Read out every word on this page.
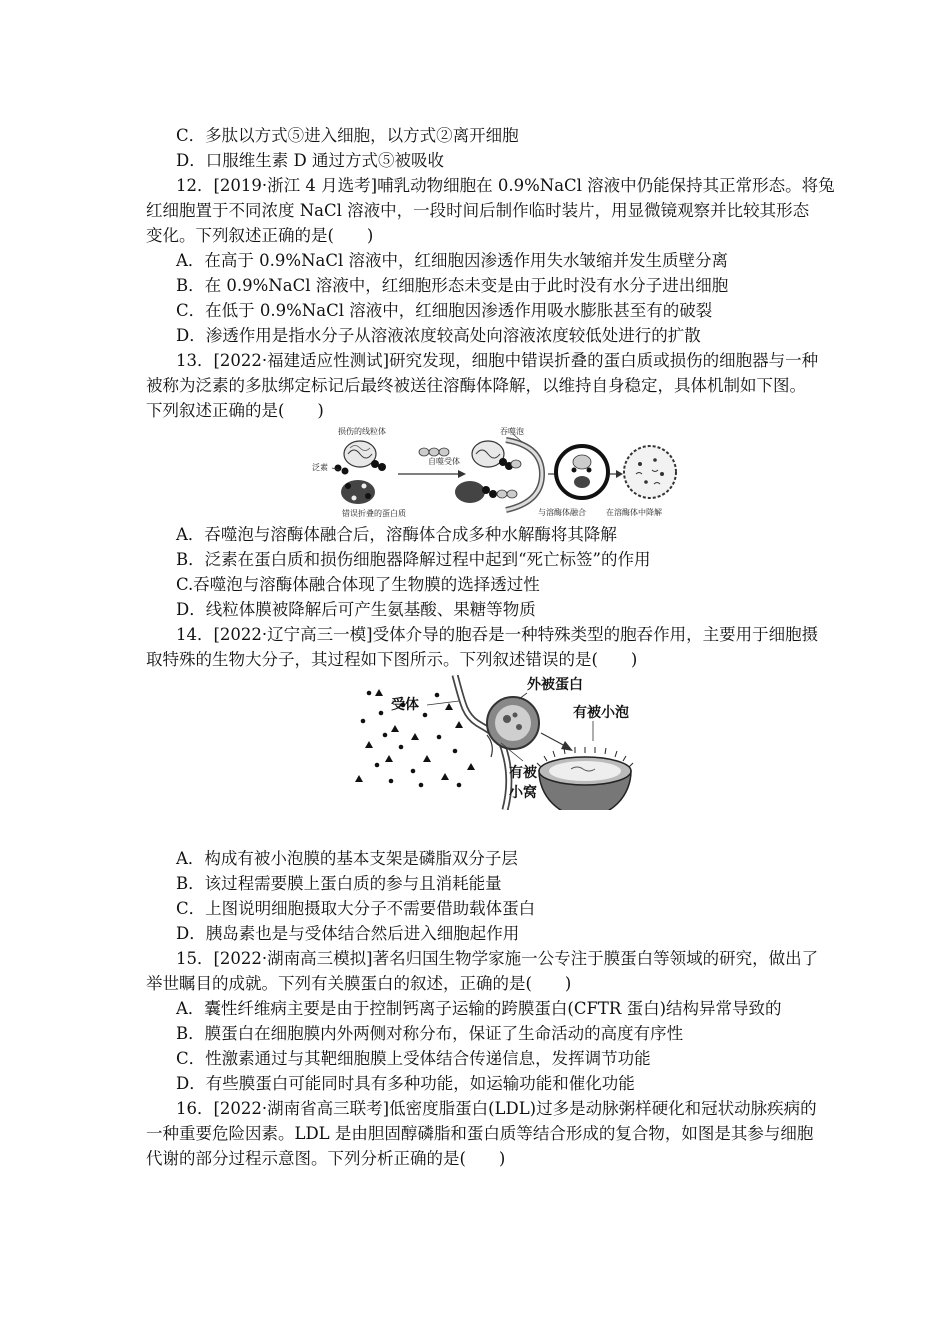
C．多肽以方式⑤进入细胞，以方式②离开细胞
D．口服维生素 D 通过方式⑤被吸收
12．[2019·浙江 4 月选考]哺乳动物细胞在 0.9%NaCl 溶液中仍能保持其正常形态。将兔
红细胞置于不同浓度 NaCl 溶液中，一段时间后制作临时装片，用显微镜观察并比较其形态
变化。下列叙述正确的是(　　)
A．在高于 0.9%NaCl 溶液中，红细胞因渗透作用失水皱缩并发生质壁分离
B．在 0.9%NaCl 溶液中，红细胞形态未变是由于此时没有水分子进出细胞
C．在低于 0.9%NaCl 溶液中，红细胞因渗透作用吸水膨胀甚至有的破裂
D．渗透作用是指水分子从溶液浓度较高处向溶液浓度较低处进行的扩散
13．[2022·福建适应性测试]研究发现，细胞中错误折叠的蛋白质或损伤的细胞器与一种
被称为泛素的多肽绑定标记后最终被送往溶酶体降解，以维持自身稳定，具体机制如下图。
下列叙述正确的是(　　)
损伤的线粒体
泛素
错误折叠的蛋白质
自噬受体
吞噬泡
与溶酶体融合	在溶酶体中降解
A．吞噬泡与溶酶体融合后，溶酶体合成多种水解酶将其降解
B．泛素在蛋白质和损伤细胞器降解过程中起到“死亡标签”的作用
C.吞噬泡与溶酶体融合体现了生物膜的选择透过性
D．线粒体膜被降解后可产生氨基酸、果糖等物质
14．[2022·辽宁高三一模]受体介导的胞吞是一种特殊类型的胞吞作用，主要用于细胞摄
取特殊的生物大分子，其过程如下图所示。下列叙述错误的是(　　)
受体
外被蛋白
有被小泡
有被
小窝
A．构成有被小泡膜的基本支架是磷脂双分子层
B．该过程需要膜上蛋白质的参与且消耗能量
C．上图说明细胞摄取大分子不需要借助载体蛋白
D．胰岛素也是与受体结合然后进入细胞起作用
15．[2022·湖南高三模拟]著名归国生物学家施一公专注于膜蛋白等领域的研究，做出了
举世瞩目的成就。下列有关膜蛋白的叙述，正确的是(　　)
A．囊性纤维病主要是由于控制钙离子运输的跨膜蛋白(CFTR 蛋白)结构异常导致的
B．膜蛋白在细胞膜内外两侧对称分布，保证了生命活动的高度有序性
C．性激素通过与其靶细胞膜上受体结合传递信息，发挥调节功能
D．有些膜蛋白可能同时具有多种功能，如运输功能和催化功能
16．[2022·湖南省高三联考]低密度脂蛋白(LDL)过多是动脉粥样硬化和冠状动脉疾病的
一种重要危险因素。LDL 是由胆固醇磷脂和蛋白质等结合形成的复合物，如图是其参与细胞
代谢的部分过程示意图。下列分析正确的是(　　)
